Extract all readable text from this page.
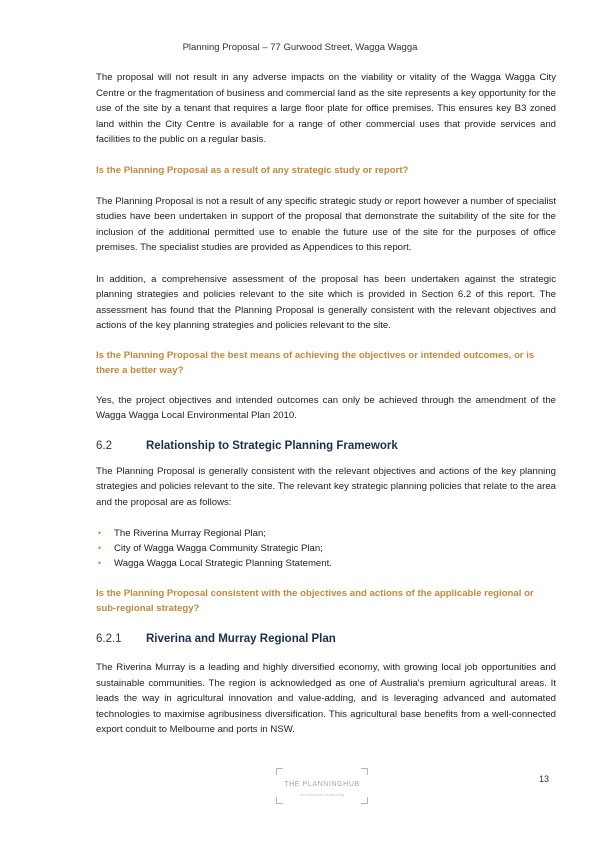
Planning Proposal – 77 Gurwood Street, Wagga Wagga

The proposal will not result in any adverse impacts on the viability or vitality of the Wagga Wagga City Centre or the fragmentation of business and commercial land as the site represents a key opportunity for the use of the site by a tenant that requires a large floor plate for office premises. This ensures key B3 zoned land within the City Centre is available for a range of other commercial uses that provide services and facilities to the public on a regular basis.

Is the Planning Proposal as a result of any strategic study or report?

The Planning Proposal is not a result of any specific strategic study or report however a number of specialist studies have been undertaken in support of the proposal that demonstrate the suitability of the site for the inclusion of the additional permitted use to enable the future use of the site for the purposes of office premises. The specialist studies are provided as Appendices to this report.

In addition, a comprehensive assessment of the proposal has been undertaken against the strategic planning strategies and policies relevant to the site which is provided in Section 6.2 of this report. The assessment has found that the Planning Proposal is generally consistent with the relevant objectives and actions of the key planning strategies and policies relevant to the site.

Is the Planning Proposal the best means of achieving the objectives or intended outcomes, or is there a better way?

Yes, the project objectives and intended outcomes can only be achieved through the amendment of the Wagga Wagga Local Environmental Plan 2010.

6.2	Relationship to Strategic Planning Framework

The Planning Proposal is generally consistent with the relevant objectives and actions of the key planning strategies and policies relevant to the site. The relevant key strategic planning policies that relate to the area and the proposal are as follows:

• The Riverina Murray Regional Plan;
• City of Wagga Wagga Community Strategic Plan;
• Wagga Wagga Local Strategic Planning Statement.

Is the Planning Proposal consistent with the objectives and actions of the applicable regional or sub-regional strategy?

6.2.1	Riverina and Murray Regional Plan

The Riverina Murray is a leading and highly diversified economy, with growing local job opportunities and sustainable communities. The region is acknowledged as one of Australia's premium agricultural areas. It leads the way in agricultural innovation and value-adding, and is leveraging advanced and automated technologies to maximise agribusiness diversification. This agricultural base benefits from a well-connected export conduit to Melbourne and ports in NSW.

THE PLANNINGHUB
the character of planning
13
